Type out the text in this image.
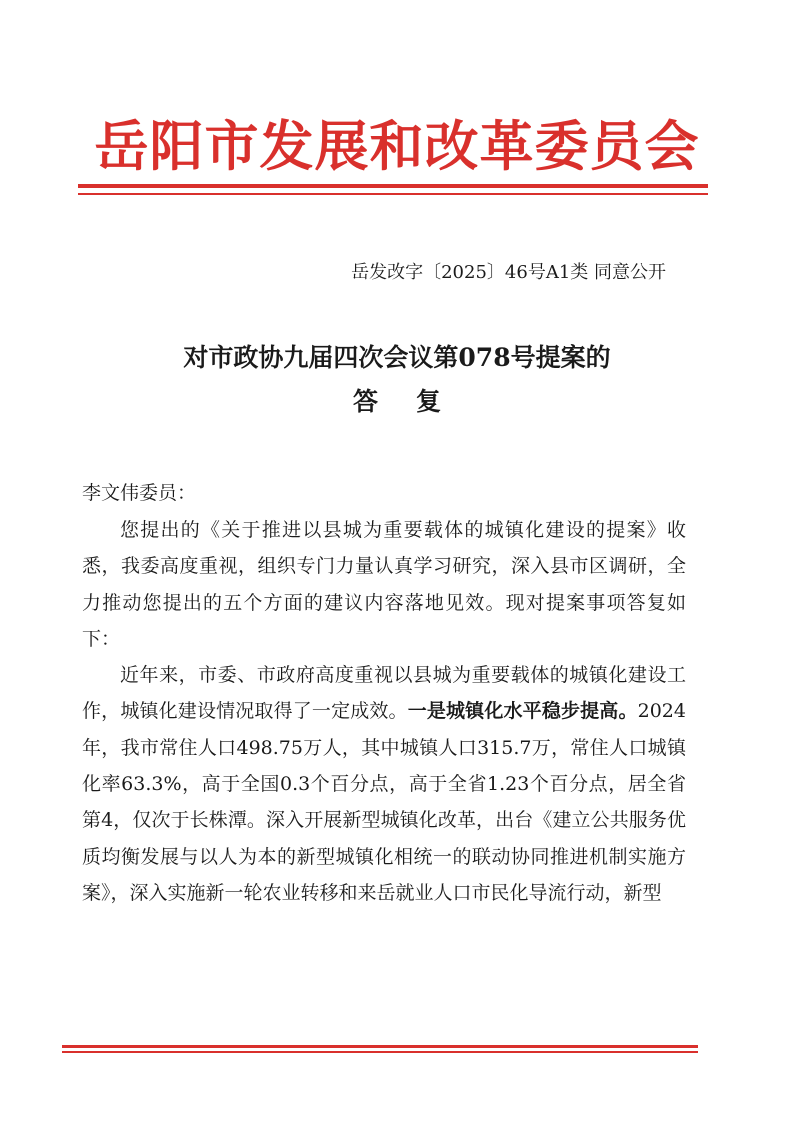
岳阳市发展和改革委员会
岳发改字〔2025〕46号A1类 同意公开
对市政协九届四次会议第078号提案的
答复
李文伟委员：

您提出的《关于推进以县城为重要载体的城镇化建设的提案》收悉，我委高度重视，组织专门力量认真学习研究，深入县市区调研，全力推动您提出的五个方面的建议内容落地见效。现对提案事项答复如下：

近年来，市委、市政府高度重视以县城为重要载体的城镇化建设工作，城镇化建设情况取得了一定成效。一是城镇化水平稳步提高。2024年，我市常住人口498.75万人，其中城镇人口315.7万，常住人口城镇化率63.3%，高于全国0.3个百分点，高于全省1.23个百分点，居全省第4，仅次于长株潭。深入开展新型城镇化改革，出台《建立公共服务优质均衡发展与以人为本的新型城镇化相统一的联动协同推进机制实施方案》，深入实施新一轮农业转移和来岳就业人口市民化导流行动，新型
